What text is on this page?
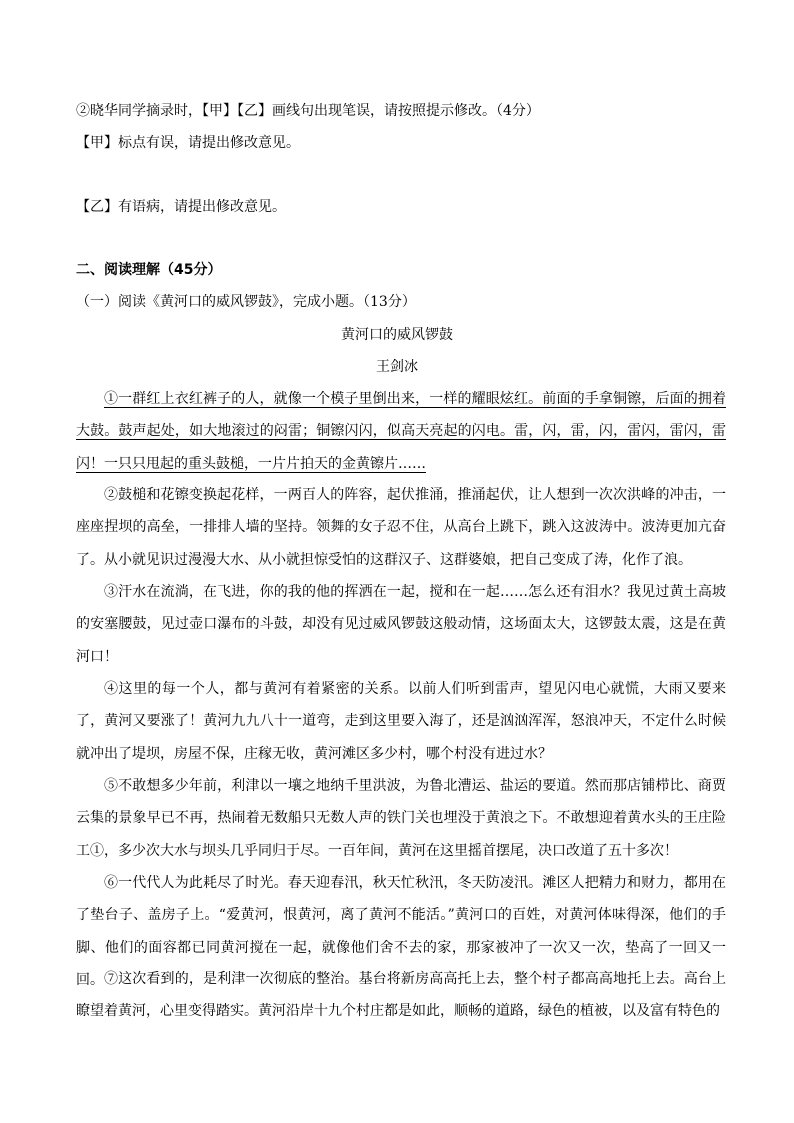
②晓华同学摘录时，【甲】【乙】画线句出现笔误，请按照提示修改。（4分）
【甲】标点有误，请提出修改意见。
【乙】有语病，请提出修改意见。
二、阅读理解（45分）
（一）阅读《黄河口的威风锣鼓》，完成小题。（13分）
黄河口的威风锣鼓
王剑冰
①一群红上衣红裤子的人，就像一个模子里倒出来，一样的耀眼炫红。前面的手拿铜镲，后面的拥着大鼓。鼓声起处，如大地滚过的闷雷；铜镲闪闪，似高天亮起的闪电。雷，闪，雷，闪，雷闪，雷闪，雷闪！一只只甩起的重头鼓槌，一片片拍天的金黄镲片……
②鼓槌和花镲变换起花样，一两百人的阵容，起伏推涌，推涌起伏，让人想到一次次洪峰的冲击，一座座捏坝的高垒，一排排人墙的坚持。领舞的女子忍不住，从高台上跳下，跳入这波涛中。波涛更加亢奋了。从小就见识过漫漫大水、从小就担惊受怕的这群汉子、这群婆娘，把自己变成了涛，化作了浪。
③汗水在流淌，在飞进，你的我的他的挥洒在一起，搅和在一起……怎么还有泪水？我见过黄土高坡的安塞腰鼓，见过壶口瀑布的斗鼓，却没有见过威风锣鼓这般动情，这场面太大，这锣鼓太震，这是在黄河口！
④这里的每一个人，都与黄河有着紧密的关系。以前人们听到雷声，望见闪电心就慌，大雨又要来了，黄河又要涨了！黄河九九八十一道弯，走到这里要入海了，还是汹汹浑浑，怒浪冲天，不定什么时候就冲出了堤坝，房屋不保，庄稼无收，黄河滩区多少村，哪个村没有进过水？
⑤不敢想多少年前，利津以一壤之地纳千里洪波，为鲁北漕运、盐运的要道。然而那店铺栉比、商贾云集的景象早已不再，热闹着无数船只无数人声的铁门关也埋没于黄浪之下。不敢想迎着黄水头的王庄险工①，多少次大水与坝头几乎同归于尽。一百年间，黄河在这里摇首摆尾，决口改道了五十多次！
⑥一代代人为此耗尽了时光。春天迎春汛，秋天忙秋汛，冬天防凌汛。滩区人把精力和财力，都用在了垫台子、盖房子上。“爱黄河，恨黄河，离了黄河不能活。”黄河口的百姓，对黄河体味得深，他们的手脚、他们的面容都已同黄河搅在一起，就像他们舍不去的家，那家被冲了一次又一次，垫高了一回又一回。 ⑦这次看到的，是利津一次彻底的整治。基台将新房高高托上去，整个村子都高高地托上去。高台上瞭望着黄河，心里变得踏实。黄河沿岸十九个村庄都是如此，顺畅的道路，绿色的植被，以及富有特色的
